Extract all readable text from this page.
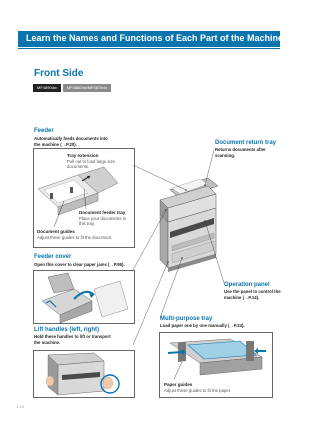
Learn the Names and Functions of Each Part of the Machine
Front Side
MF4890dw	MF4880dw/MF4870dn
Feeder
Automatically feeds documents into the machine (→P.20).
Tray extension
Pull out to load large size documents.
Document feeder tray
Place your documents in this tray.
Document guides
Adjust these guides to fit the document.
Document return tray
Returns documents after scanning.
Feeder cover
Open this cover to clear paper jams (→P.95).
Operation panel
Use the panel to control the machine (→P.14).
Multi-purpose tray
Load paper one by one manually (→P.24).
Paper guides
Adjust these guides to fit the paper.
Lift handles (left, right)
Hold these handles to lift or transport the machine.
1-10
